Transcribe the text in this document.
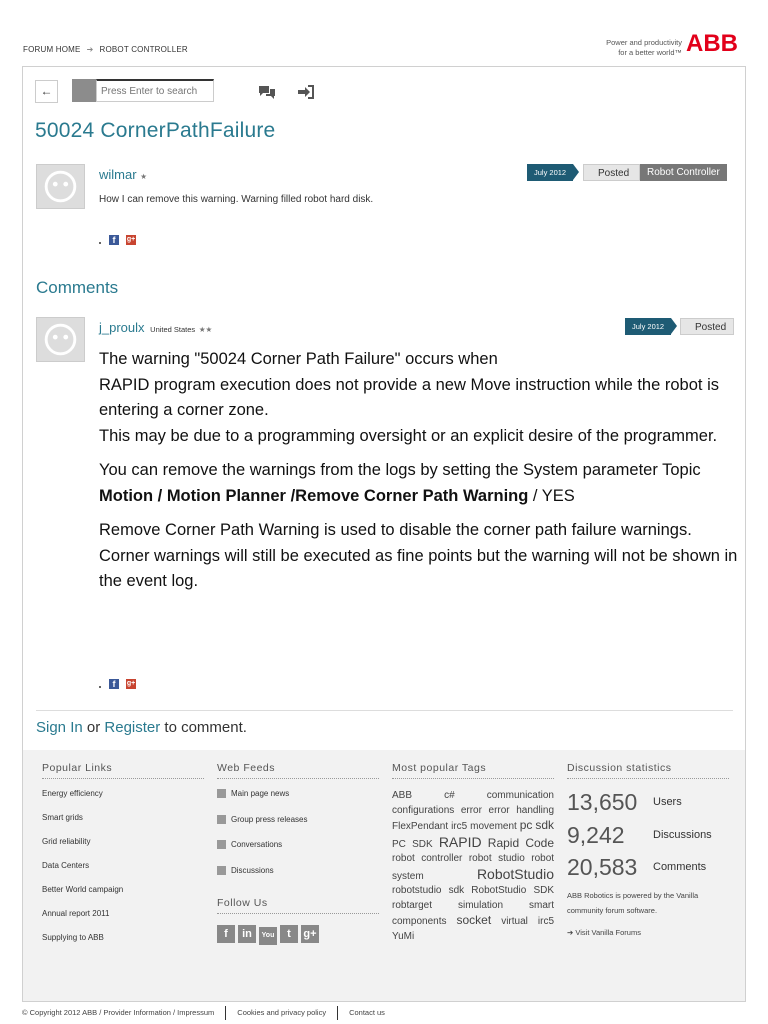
FORUM HOME ➔ ROBOT CONTROLLER
Power and productivity
for a better world™ ABB
←
Press Enter to search
50024 CornerPathFailure
wilmar ★	July 2012	Posted	Robot Controller
How I can remove this warning. Warning filled robot hard disk.
f	g+
Comments
j_proulx United States ★★	July 2012	Posted

The warning "50024 Corner Path Failure" occurs when
RAPID program execution does not provide a new Move instruction while the robot is entering a corner zone.
This may be due to a programming oversight or an explicit desire of the programmer.

You can remove the warnings from the logs by setting the System parameter Topic Motion / Motion Planner /Remove Corner Path Warning / YES

Remove Corner Path Warning is used to disable the corner path failure warnings.
Corner warnings will still be executed as fine points but the warning will not be shown in the event log.

f	g+
Sign In or Register to comment.
Popular Links
Energy efficiency
Smart grids
Grid reliability
Data Centers
Better World campaign
Annual report 2011
Supplying to ABB
Web Feeds
Main page news
Group press releases
Conversations
Discussions
Follow Us
f in You t g+
Most popular Tags
ABB	c#	communication configurations error error handling FlexPendant irc5 movement pc sdk PC SDK RAPID Rapid Code robot controller robot studio robot system	RobotStudio robotstudio sdk RobotStudio SDK robtarget	simulation	smart components socket virtual irc5 YuMi
Discussion statistics
13,650 Users
9,242	Discussions
20,583 Comments
ABB Robotics is powered by the Vanilla community forum software.
➔ Visit Vanilla Forums
© Copyright 2012 ABB / Provider Information / Impressum	Cookies and privacy policy	Contact us
